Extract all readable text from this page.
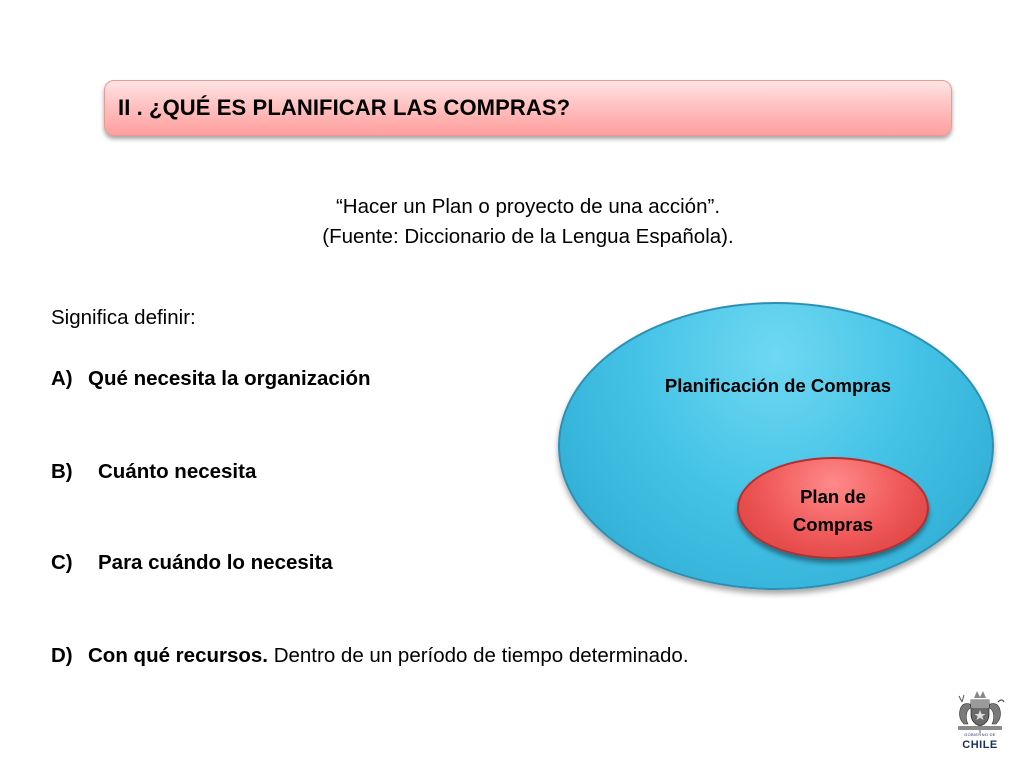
II . ¿QUÉ ES PLANIFICAR LAS COMPRAS?
“Hacer un Plan o proyecto de una acción”.
(Fuente: Diccionario de la Lengua Española).
Significa definir:
A) Qué necesita la organización
B) Cuánto necesita
C) Para cuándo lo necesita
D) Con qué recursos. Dentro de un período de tiempo determinado.
Planificación de Compras
Plan de
Compras
GOBIERNO DE
CHILE
